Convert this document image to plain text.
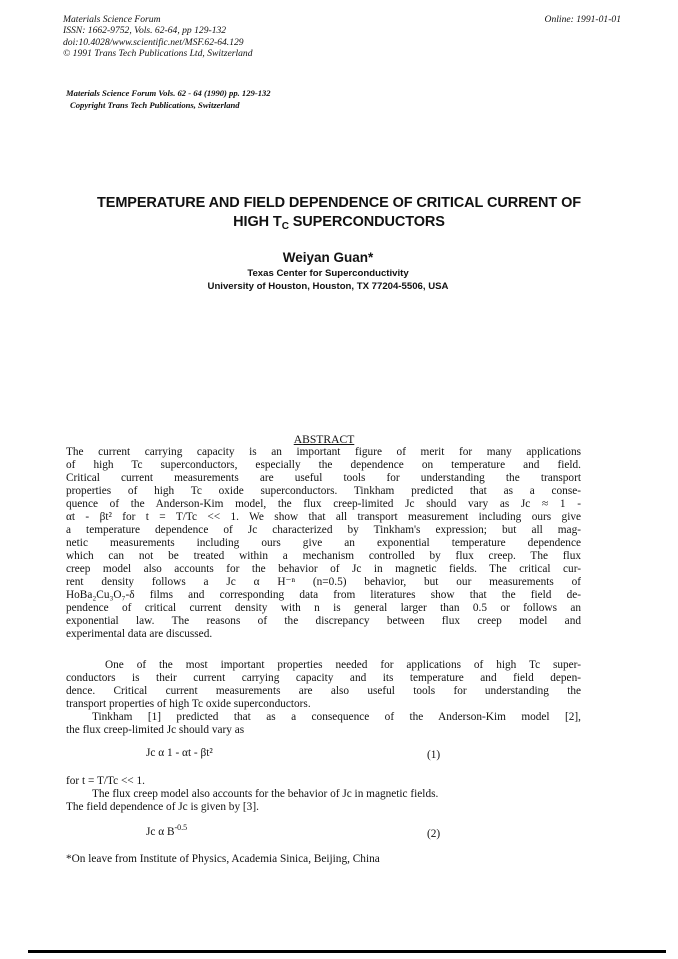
Materials Science Forum
ISSN: 1662-9752, Vols. 62-64, pp 129-132
doi:10.4028/www.scientific.net/MSF.62-64.129
© 1991 Trans Tech Publications Ltd, Switzerland
Online: 1991-01-01
Materials Science Forum Vols. 62 - 64 (1990) pp. 129-132
Copyright Trans Tech Publications, Switzerland
TEMPERATURE AND FIELD DEPENDENCE OF CRITICAL CURRENT OF
HIGH $T_C$ SUPERCONDUCTORS
Weiyan Guan*
Texas Center for Superconductivity
University of Houston, Houston, TX 77204-5506, USA
ABSTRACT
The current carrying capacity is an important figure of merit for many applications
of high Tc superconductors, especially the dependence on temperature and field.
Critical current measurements are useful tools for understanding the transport
properties of high Tc oxide superconductors. Tinkham predicted that as a conse-
quence of the Anderson-Kim model, the flux creep-limited Jc should vary as Jc ≈ 1 -
αt - βt² for t = T/Tc << 1. We show that all transport measurement including ours give
a temperature dependence of Jc characterized by Tinkham's expression; but all mag-
netic measurements including ours give an exponential temperature dependence
which can not be treated within a mechanism controlled by flux creep. The flux
creep model also accounts for the behavior of Jc in magnetic fields. The critical cur-
rent density follows a Jc α H⁻ⁿ (n=0.5) behavior, but our measurements of
HoBa₂Cu₃O₇-δ films and corresponding data from literatures show that the field de-
pendence of critical current density with n is general larger than 0.5 or follows an
exponential law. The reasons of the discrepancy between flux creep model and
experimental data are discussed.
One of the most important properties needed for applications of high Tc super-
conductors is their current carrying capacity and its temperature and field depen-
dence. Critical current measurements are also useful tools for understanding the
transport properties of high Tc oxide superconductors.
Tinkham [1] predicted that as a consequence of the Anderson-Kim model [2],
the flux creep-limited Jc should vary as
Jc α 1 - αt - βt²	(1)
for t = T/Tc << 1.
The flux creep model also accounts for the behavior of Jc in magnetic fields.
The field dependence of Jc is given by [3].
Jc α $B^{-0.5}$
(2)
*On leave from Institute of Physics, Academia Sinica, Beijing, China
